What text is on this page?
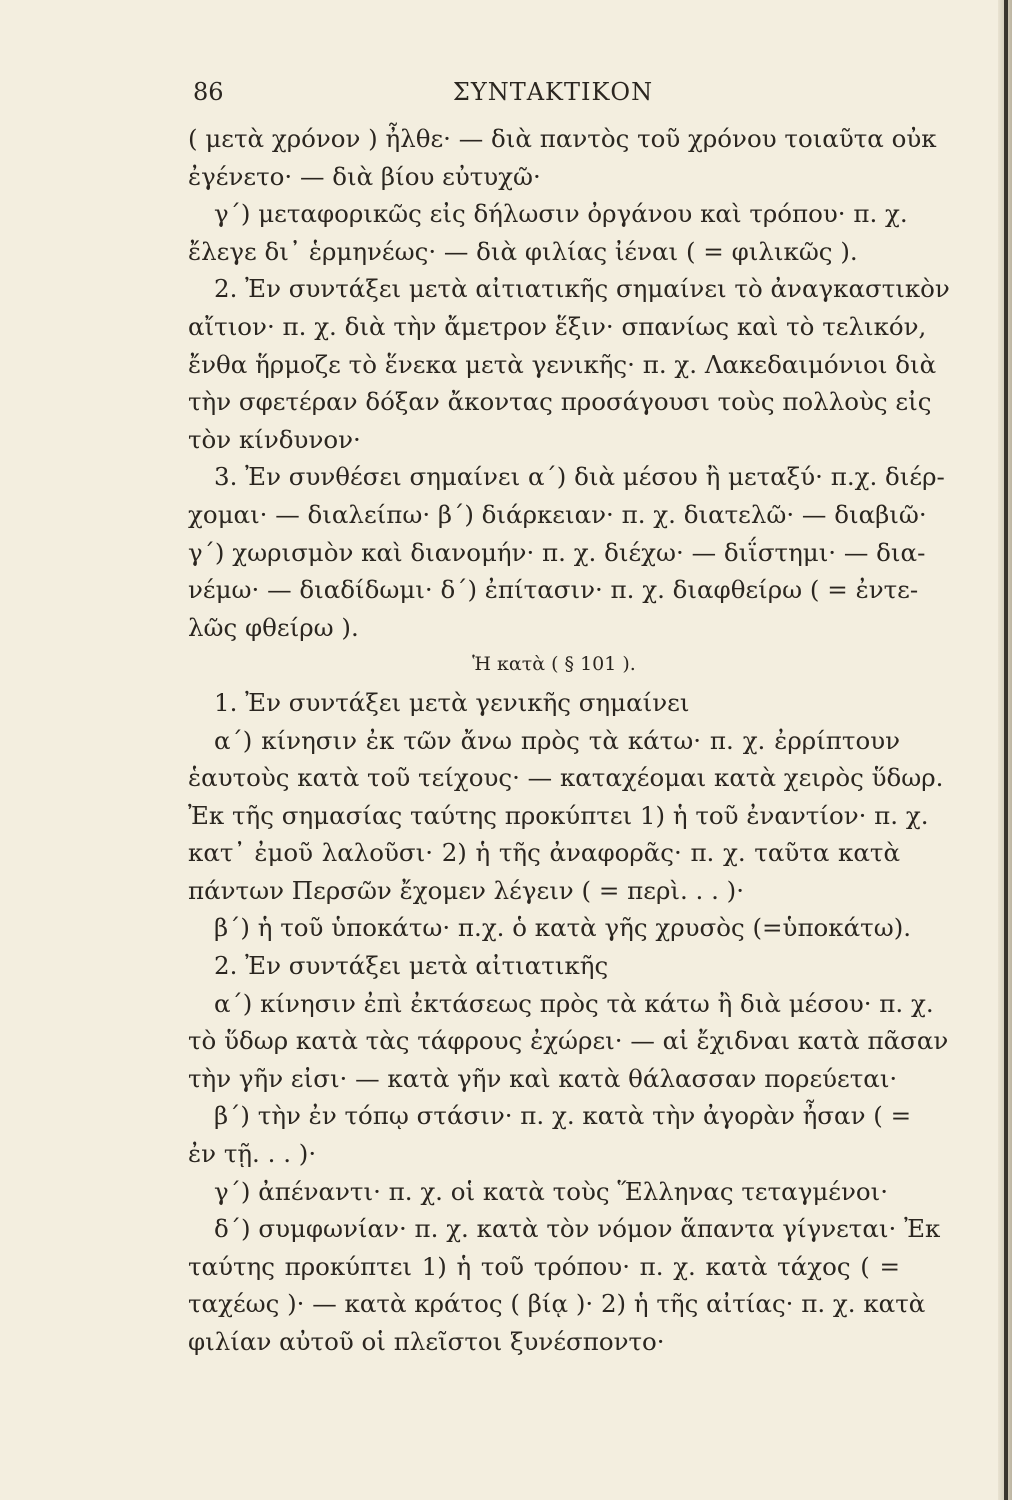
86	ΣΥΝΤΑΚΤΙΚΟΝ
( μετὰ χρόνον ) ἦλθε· — διὰ παντὸς τοῦ χρόνου τοιαῦτα οὐκ
ἐγένετο· — διὰ βίου εὐτυχῶ·
γ΄) μεταφορικῶς εἰς δήλωσιν ὀργάνου καὶ τρόπου· π. χ.
ἔλεγε δι᾽ ἑρμηνέως· — διὰ φιλίας ἰέναι ( = φιλικῶς ).
2. Ἐν συντάξει μετὰ αἰτιατικῆς σημαίνει τὸ ἀναγκαστικὸν
αἴτιον· π. χ. διὰ τὴν ἄμετρον ἕξιν· σπανίως καὶ τὸ τελικόν,
ἔνθα ἥρμοζε τὸ ἕνεκα μετὰ γενικῆς· π. χ. Λακεδαιμόνιοι διὰ
τὴν σφετέραν δόξαν ἄκοντας προσάγουσι τοὺς πολλοὺς εἰς
τὸν κίνδυνον·
3. Ἐν συνθέσει σημαίνει α΄) διὰ μέσου ἢ μεταξύ· π.χ. διέρ-
χομαι· — διαλείπω· β΄) διάρκειαν· π. χ. διατελῶ· — διαβιῶ·
γ΄) χωρισμὸν καὶ διανομήν· π. χ. διέχω· — διΐστημι· — δια-
νέμω· — διαδίδωμι· δ΄) ἐπίτασιν· π. χ. διαφθείρω ( = ἐντε-
λῶς φθείρω ).
Ἡ κατὰ ( § 101 ).
1. Ἐν συντάξει μετὰ γενικῆς σημαίνει
α΄) κίνησιν ἐκ τῶν ἄνω πρὸς τὰ κάτω· π. χ. ἐρρίπτουν
ἑαυτοὺς κατὰ τοῦ τείχους· — καταχέομαι κατὰ χειρὸς ὕδωρ.
Ἐκ τῆς σημασίας ταύτης προκύπτει 1) ἡ τοῦ ἐναντίον· π. χ.
κατ᾽ ἐμοῦ λαλοῦσι· 2) ἡ τῆς ἀναφορᾶς· π. χ. ταῦτα κατὰ
πάντων Περσῶν ἔχομεν λέγειν ( = περὶ. . . )·
β΄) ἡ τοῦ ὑποκάτω· π.χ. ὁ κατὰ γῆς χρυσὸς (=ὑποκάτω).
2. Ἐν συντάξει μετὰ αἰτιατικῆς
α΄) κίνησιν ἐπὶ ἐκτάσεως πρὸς τὰ κάτω ἢ διὰ μέσου· π. χ.
τὸ ὕδωρ κατὰ τὰς τάφρους ἐχώρει· — αἱ ἔχιδναι κατὰ πᾶσαν
τὴν γῆν εἰσι· — κατὰ γῆν καὶ κατὰ θάλασσαν πορεύεται·
β΄) τὴν ἐν τόπῳ στάσιν· π. χ. κατὰ τὴν ἀγορὰν ἦσαν ( =
ἐν τῇ. . . )·
γ΄) ἀπέναντι· π. χ. οἱ κατὰ τοὺς Ἕλληνας τεταγμένοι·
δ΄) συμφωνίαν· π. χ. κατὰ τὸν νόμον ἅπαντα γίγνεται· Ἐκ
ταύτης προκύπτει 1) ἡ τοῦ τρόπου· π. χ. κατὰ τάχος ( =
ταχέως )· — κατὰ κράτος ( βίᾳ )· 2) ἡ τῆς αἰτίας· π. χ. κατὰ
φιλίαν αὐτοῦ οἱ πλεῖστοι ξυνέσπoντο·
